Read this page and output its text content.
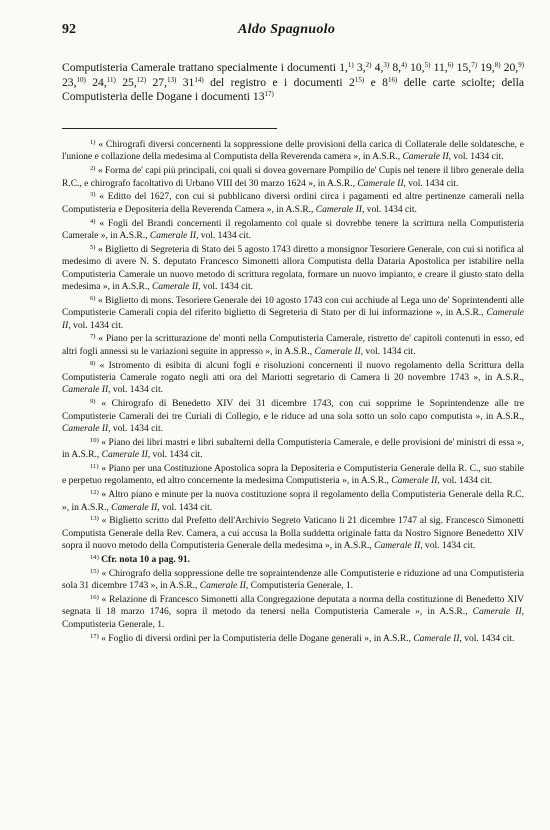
92	Aldo Spagnuolo

Computisteria Camerale trattano specialmente i documenti 1,$^{1)}$ 3,$^{2)}$ 4,$^{3)}$ 8,$^{4)}$ 10,$^{5)}$ 11,$^{6)}$ 15,$^{7)}$ 19,$^{8)}$ 20,$^{9)}$ 23,$^{10)}$ 24,$^{11)}$ 25,$^{12)}$ 27,$^{13)}$ 31$^{14)}$ del registro e i documenti 2$^{15)}$ e 8$^{16)}$ delle carte sciolte; della Computisteria delle Dogane i documenti 13$^{17)}$

$^{1)}$ « Chirografi diversi concernenti la soppressione delle provisioni della carica di Collaterale delle soldatesche, e l'unione e collazione della medesima al Computista della Reverenda camera », in A.S.R., Camerale II, vol. 1434 cit.

$^{2)}$ « Forma de' capi più principali, coi quali si dovea governare Pompilio de' Cupis nel tenere il libro generale della R.C., e chirografo facoltativo di Urbano VIII dei 30 marzo 1624 », in A.S.R., Camerale II, vol. 1434 cit.

$^{3)}$ « Editto del 1627, con cui si pubblicano diversi ordini circa i pagamenti ed altre pertinenze camerali nella Computisteria e Depositeria della Reverenda Camera », in A.S.R., Camerale II, vol. 1434 cit.

$^{4)}$ « Fogli del Brandi concernenti il regolamento col quale si dovrebbe tenere la scrittura nella Computisteria Camerale », in A.S.R., Camerale II, vol. 1434 cit.

$^{5)}$ « Biglietto di Segreteria di Stato dei 5 agosto 1743 diretto a monsignor Tesoriere Generale, con cui si notifica al medesimo di avere N. S. deputato Francesco Simonetti allora Computista della Dataria Apostolica per istabilire nella Computisteria Camerale un nuovo metodo di scrittura regolata, formare un nuovo impianto, e creare il giusto stato della medesima », in A.S.R., Camerale II, vol. 1434 cit.

$^{6)}$ « Biglietto di mons. Tesoriere Generale dei 10 agosto 1743 con cui acchiude al Lega uno de' Soprintendenti alle Computisterie Camerali copia del riferito biglietto di Segreteria di Stato per di lui informazione », in A.S.R., Camerale II, vol. 1434 cit.

$^{7)}$ « Piano per la scritturazione de' monti nella Computisteria Camerale, ristretto de' capitoli contenuti in esso, ed altri fogli annessi su le variazioni seguite in appresso », in A.S.R., Camerale II, vol. 1434 cit.

$^{8)}$ « Istromento di esibita di alcuni fogli e risoluzioni concernenti il nuovo regolamento della Scrittura della Computisteria Camerale rogato negli atti ora del Mariotti segretario di Camera li 20 novembre 1743 », in A.S.R., Camerale II, vol. 1434 cit.

$^{9)}$ « Chirografo di Benedetto XIV dei 31 dicembre 1743, con cui sopprime le Soprintendenze alle tre Computisterie Camerali dei tre Curiali di Collegio, e le riduce ad una sola sotto un solo capo computista », in A.S.R., Camerale II, vol. 1434 cit.

$^{10)}$ « Piano dei libri mastri e libri subalterni della Computisteria Camerale, e delle provisioni de' ministri di essa », in A.S.R., Camerale II, vol. 1434 cit.

$^{11)}$ « Piano per una Costituzione Apostolica sopra la Depositeria e Computisteria Generale della R. C., suo stabile e perpetuo regolamento, ed altro concernente la medesima Computisteria », in A.S.R., Camerale II, vol. 1434 cit.

$^{12)}$ « Altro piano e minute per la nuova costituzione sopra il regolamento della Computisteria Generale della R.C. », in A.S.R., Camerale II, vol. 1434 cit.

$^{13)}$ « Biglietto scritto dal Prefetto dell'Archivio Segreto Vaticano li 21 dicembre 1747 al sig. Francesco Simonetti Computista Generale della Rev. Camera, a cui accusa la Bolla suddetta originale fatta da Nostro Signore Benedetto XIV sopra il nuovo metodo della Computisteria Generale della medesima », in A.S.R., Camerale II, vol. 1434 cit.

$^{14)}$ Cfr. nota 10 a pag. 91.

$^{15)}$ « Chirografo della soppressione delle tre sopraintendenze alle Computisterie e riduzione ad una Computisteria sola 31 dicembre 1743 », in A.S.R., Camerale II, Computisteria Generale, 1.

$^{16)}$ « Relazione di Francesco Simonetti alla Congregazione deputata a norma della costituzione di Benedetto XIV segnata li 18 marzo 1746, sopra il metodo da tenersi nella Computisteria Camerale », in A.S.R., Camerale II, Computisteria Generale, 1.

$^{17)}$ « Foglio di diversi ordini per la Computisteria delle Dogane generali », in A.S.R., Camerale II, vol. 1434 cit.
